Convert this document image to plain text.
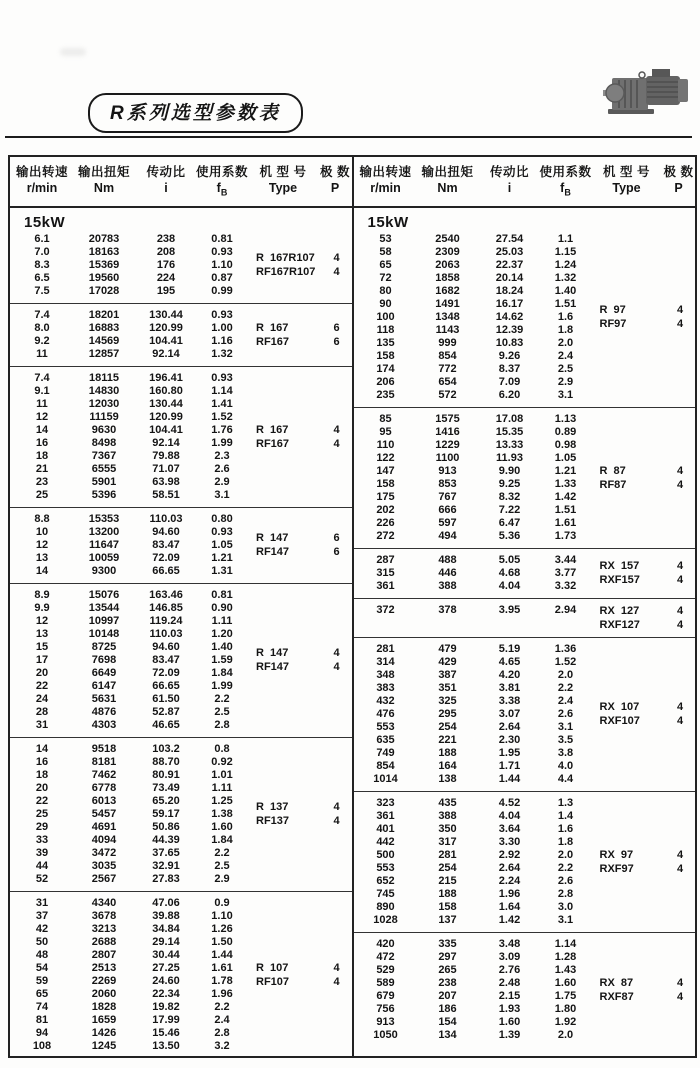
R系列选型参数表
输出转速
r/min
输出扭矩
Nm
传动比
i
使用系数
$f_B$
机 型 号
Type
极 数
P
15kW
6.1	20783	238	0.81
7.0	18163	208	0.93
8.3	15369	176	1.10
6.5	19560	224	0.87
7.5	17028	195	0.99
R  167R107	4
RF167R107	4
7.4	18201	130.44	0.93
8.0	16883	120.99	1.00
9.2	14569	104.41	1.16
11	12857	92.14	1.32
R  167	6
RF167	6
7.4	18115	196.41	0.93
9.1	14830	160.80	1.14
11	12030	130.44	1.41
12	11159	120.99	1.52
14	9630	104.41	1.76
16	8498	92.14	1.99
18	7367	79.88	2.3
21	6555	71.07	2.6
23	5901	63.98	2.9
25	5396	58.51	3.1
R  167	4
RF167	4
8.8	15353	110.03	0.80
10	13200	94.60	0.93
12	11647	83.47	1.05
13	10059	72.09	1.21
14	9300	66.65	1.31
R  147	6
RF147	6
8.9	15076	163.46	0.81
9.9	13544	146.85	0.90
12	10997	119.24	1.11
13	10148	110.03	1.20
15	8725	94.60	1.40
17	7698	83.47	1.59
20	6649	72.09	1.84
22	6147	66.65	1.99
24	5631	61.50	2.2
28	4876	52.87	2.5
31	4303	46.65	2.8
R  147	4
RF147	4
14	9518	103.2	0.8
16	8181	88.70	0.92
18	7462	80.91	1.01
20	6778	73.49	1.11
22	6013	65.20	1.25
25	5457	59.17	1.38
29	4691	50.86	1.60
33	4094	44.39	1.84
39	3472	37.65	2.2
44	3035	32.91	2.5
52	2567	27.83	2.9
R  137	4
RF137	4
31	4340	47.06	0.9
37	3678	39.88	1.10
42	3213	34.84	1.26
50	2688	29.14	1.50
48	2807	30.44	1.44
54	2513	27.25	1.61
59	2269	24.60	1.78
65	2060	22.34	1.96
74	1828	19.82	2.2
81	1659	17.99	2.4
94	1426	15.46	2.8
108	1245	13.50	3.2
R  107	4
RF107	4
输出转速
r/min
输出扭矩
Nm
传动比
i
使用系数
$f_B$
机 型 号
Type
极 数
P
15kW
53	2540	27.54	1.1
58	2309	25.03	1.15
65	2063	22.37	1.24
72	1858	20.14	1.32
80	1682	18.24	1.40
90	1491	16.17	1.51
100	1348	14.62	1.6
118	1143	12.39	1.8
135	999	10.83	2.0
158	854	9.26	2.4
174	772	8.37	2.5
206	654	7.09	2.9
235	572	6.20	3.1
R  97	4
RF97	4
85	1575	17.08	1.13
95	1416	15.35	0.89
110	1229	13.33	0.98
122	1100	11.93	1.05
147	913	9.90	1.21
158	853	9.25	1.33
175	767	8.32	1.42
202	666	7.22	1.51
226	597	6.47	1.61
272	494	5.36	1.73
R  87	4
RF87	4
287	488	5.05	3.44
315	446	4.68	3.77
361	388	4.04	3.32
RX  157	4
RXF157	4
372	378	3.95	2.94	RX  127	4
RXF127	4
281	479	5.19	1.36
314	429	4.65	1.52
348	387	4.20	2.0
383	351	3.81	2.2
432	325	3.38	2.4
476	295	3.07	2.6
553	254	2.64	3.1
635	221	2.30	3.5
749	188	1.95	3.8
854	164	1.71	4.0
1014	138	1.44	4.4
RX  107	4
RXF107	4
323	435	4.52	1.3
361	388	4.04	1.4
401	350	3.64	1.6
442	317	3.30	1.8
500	281	2.92	2.0
553	254	2.64	2.2
652	215	2.24	2.6
745	188	1.96	2.8
890	158	1.64	3.0
1028	137	1.42	3.1
RX  97	4
RXF97	4
420	335	3.48	1.14
472	297	3.09	1.28
529	265	2.76	1.43
589	238	2.48	1.60
679	207	2.15	1.75
756	186	1.93	1.80
913	154	1.60	1.92
1050	134	1.39	2.0
RX  87	4
RXF87	4
